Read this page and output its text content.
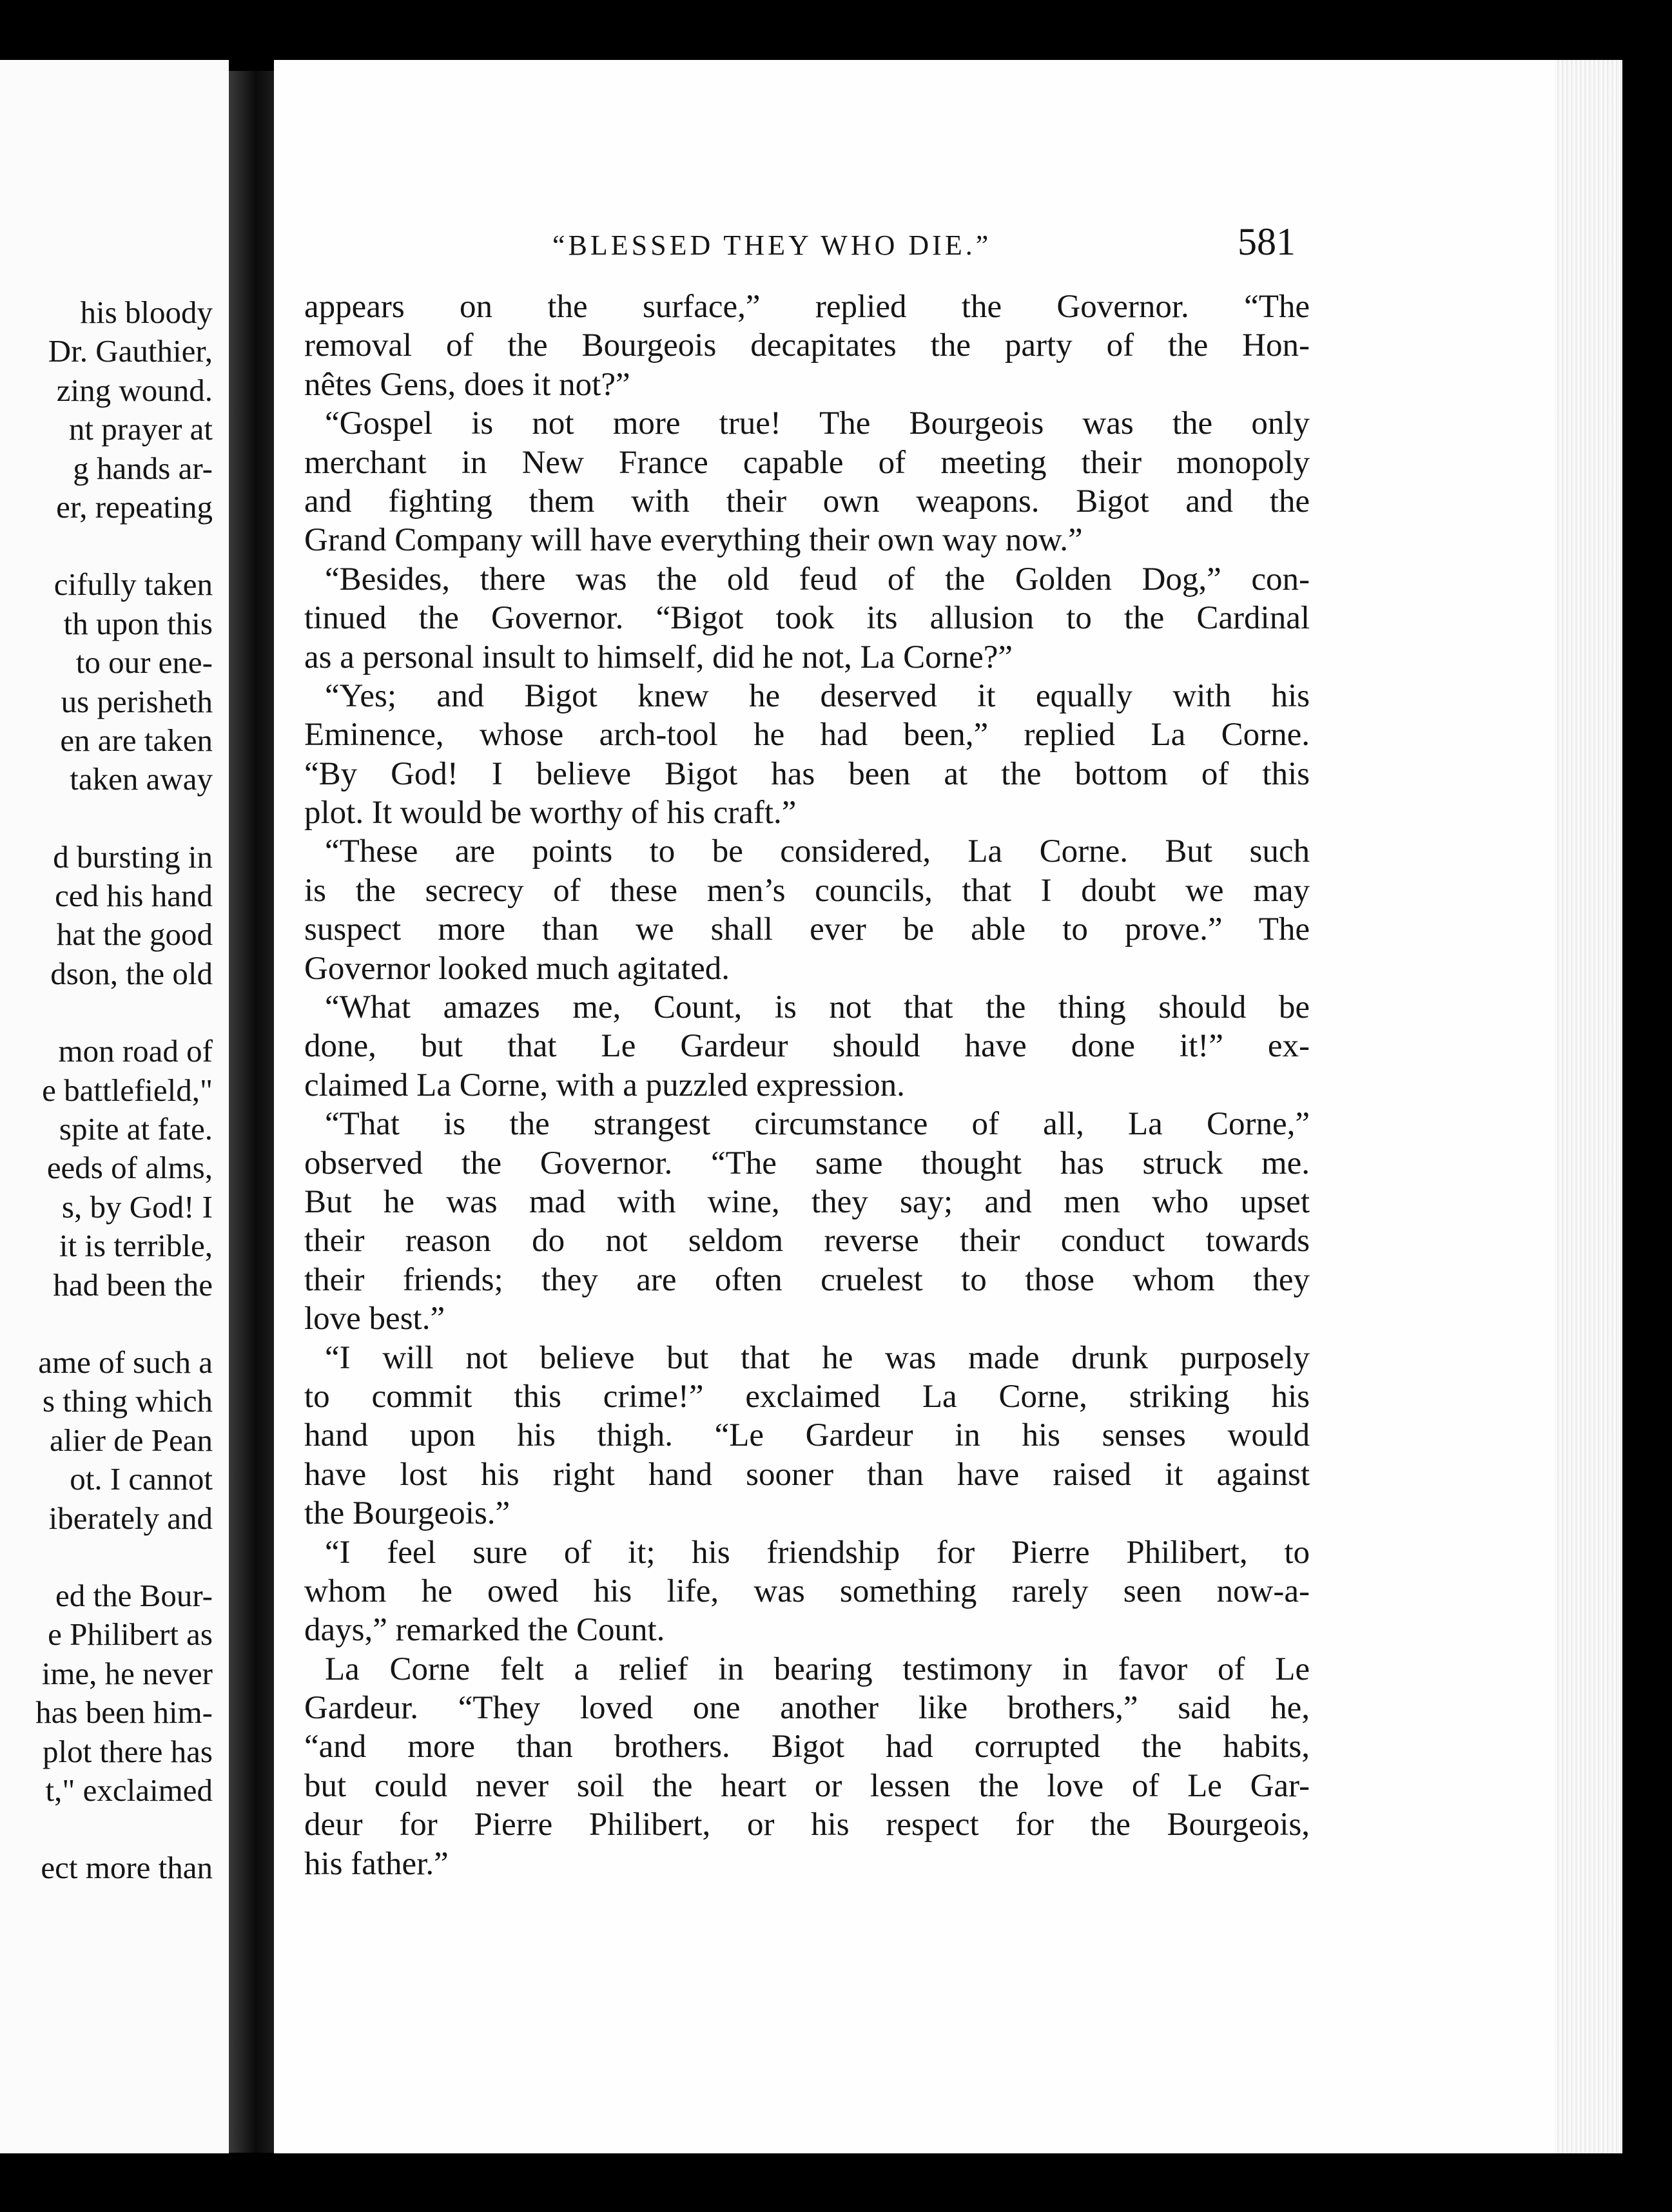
his bloody
Dr. Gauthier,
zing wound.
nt prayer at
g hands ar-
er, repeating
cifully taken
th upon this
to our ene-
us perisheth
en are taken
taken away
d bursting in
ced his hand
hat the good
dson, the old
mon road of
e battlefield,"
spite at fate.
eeds of alms,
s, by God! I
it is terrible,
had been the
ame of such a
s thing which
alier de Pean
ot. I cannot
iberately and
ed the Bour-
e Philibert as
ime, he never
has been him-
plot there has
t," exclaimed
ect more than
“BLESSED THEY WHO DIE.”	581
appears on the surface,” replied the Governor. “The
removal of the Bourgeois decapitates the party of the Hon-
nêtes Gens, does it not?”
“Gospel is not more true! The Bourgeois was the only
merchant in New France capable of meeting their monopoly
and fighting them with their own weapons. Bigot and the
Grand Company will have everything their own way now.”
“Besides, there was the old feud of the Golden Dog,” con-
tinued the Governor. “Bigot took its allusion to the Cardinal
as a personal insult to himself, did he not, La Corne?”
“Yes; and Bigot knew he deserved it equally with his
Eminence, whose arch-tool he had been,” replied La Corne.
“By God! I believe Bigot has been at the bottom of this
plot. It would be worthy of his craft.”
“These are points to be considered, La Corne. But such
is the secrecy of these men’s councils, that I doubt we may
suspect more than we shall ever be able to prove.” The
Governor looked much agitated.
“What amazes me, Count, is not that the thing should be
done, but that Le Gardeur should have done it!” ex-
claimed La Corne, with a puzzled expression.
“That is the strangest circumstance of all, La Corne,”
observed the Governor. “The same thought has struck me.
But he was mad with wine, they say; and men who upset
their reason do not seldom reverse their conduct towards
their friends; they are often cruelest to those whom they
love best.”
“I will not believe but that he was made drunk purposely
to commit this crime!” exclaimed La Corne, striking his
hand upon his thigh. “Le Gardeur in his senses would
have lost his right hand sooner than have raised it against
the Bourgeois.”
“I feel sure of it; his friendship for Pierre Philibert, to
whom he owed his life, was something rarely seen now-a-
days,” remarked the Count.
La Corne felt a relief in bearing testimony in favor of Le
Gardeur. “They loved one another like brothers,” said he,
“and more than brothers. Bigot had corrupted the habits,
but could never soil the heart or lessen the love of Le Gar-
deur for Pierre Philibert, or his respect for the Bourgeois,
his father.”
